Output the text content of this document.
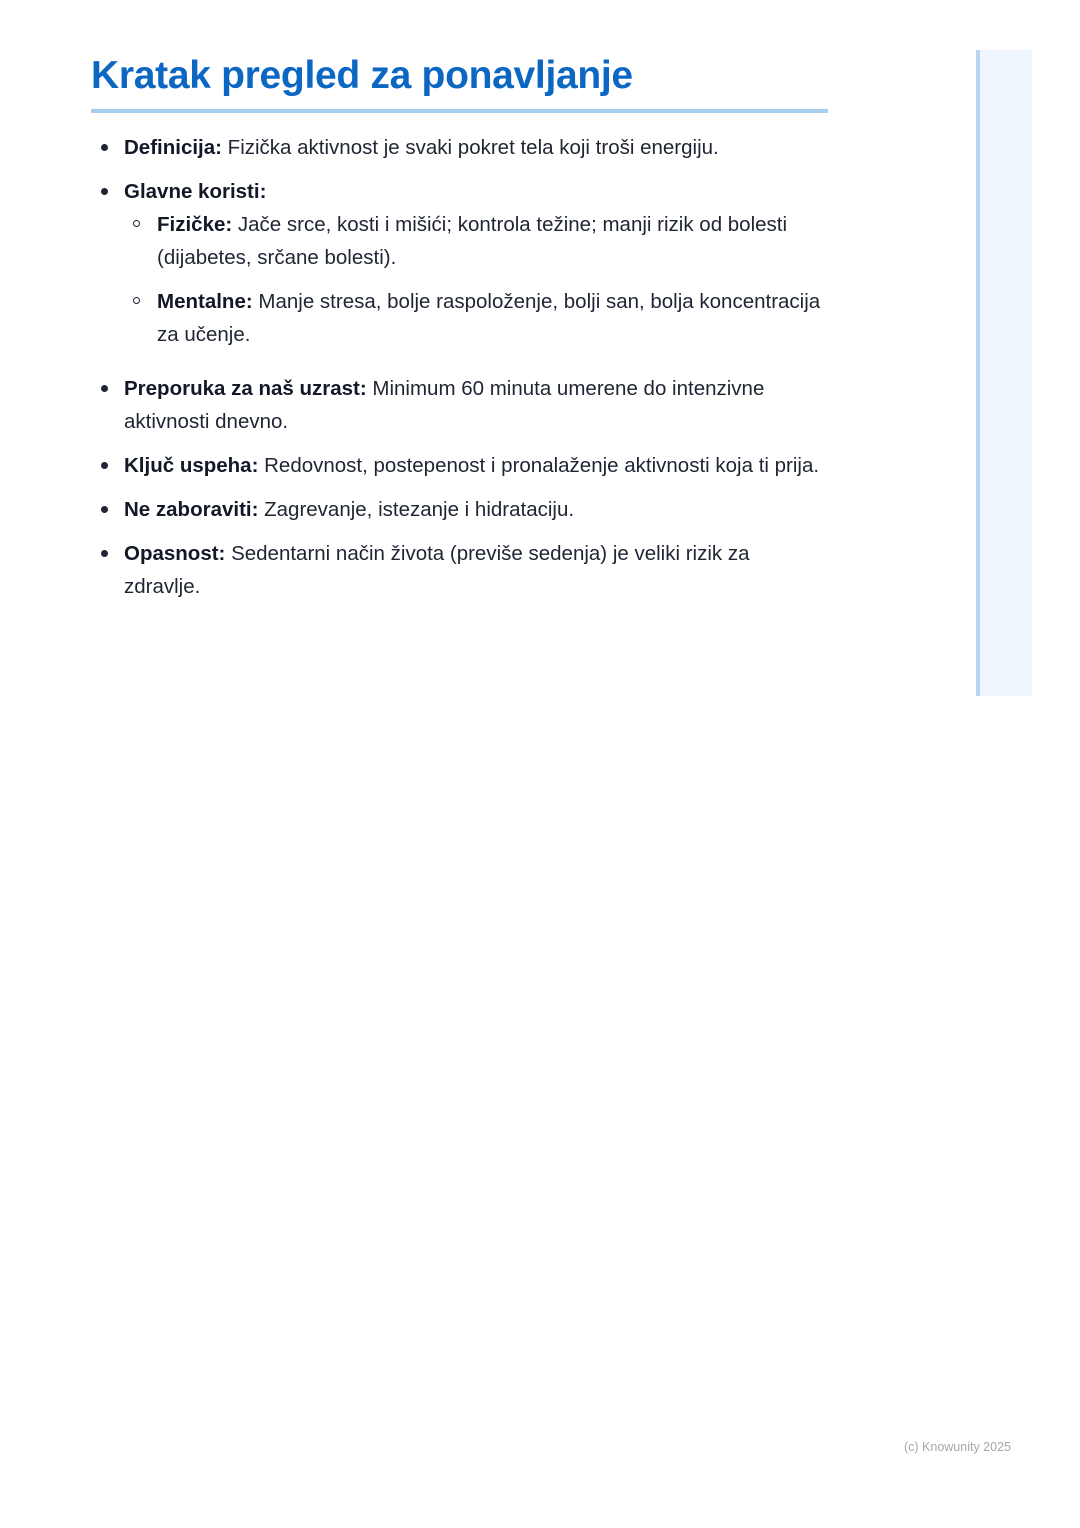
Kratak pregled za ponavljanje
Definicija: Fizička aktivnost je svaki pokret tela koji troši energiju.
Glavne koristi:
Fizičke: Jače srce, kosti i mišići; kontrola težine; manji rizik od bolesti (dijabetes, srčane bolesti).
Mentalne: Manje stresa, bolje raspoloženje, bolji san, bolja koncentracija za učenje.
Preporuka za naš uzrast: Minimum 60 minuta umerene do intenzivne aktivnosti dnevno.
Ključ uspeha: Redovnost, postepenost i pronalaženje aktivnosti koja ti prija.
Ne zaboraviti: Zagrevanje, istezanje i hidrataciju.
Opasnost: Sedentarni način života (previše sedenja) je veliki rizik za zdravlje.
(c) Knowunity 2025
